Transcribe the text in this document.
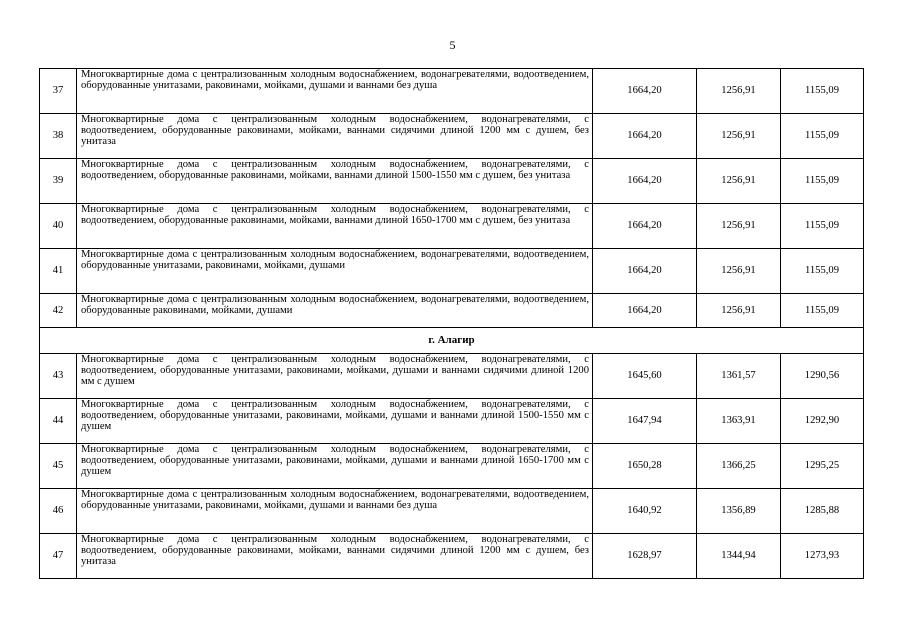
5
37	Многоквартирные дома с централизованным холодным водоснабжением, водонагревателями, водоотведением, оборудованные унитазами, раковинами, мойками, душами и ваннами без душа	1664,20	1256,91	1155,09
38	Многоквартирные дома с централизованным холодным водоснабжением, водонагревателями, с водоотведением, оборудованные раковинами, мойками, ваннами сидячими длиной 1200 мм с душем, без унитаза	1664,20	1256,91	1155,09
39	Многоквартирные дома с централизованным холодным водоснабжением, водонагревателями, с водоотведением, оборудованные раковинами, мойками, ваннами длиной 1500-1550 мм с душем, без унитаза	1664,20	1256,91	1155,09
40	Многоквартирные дома с централизованным холодным водоснабжением, водонагревателями, с водоотведением, оборудованные раковинами, мойками, ваннами длиной 1650-1700 мм с душем, без унитаза	1664,20	1256,91	1155,09
41	Многоквартирные дома с централизованным холодным водоснабжением, водонагревателями, водоотведением, оборудованные унитазами, раковинами, мойками, душами	1664,20	1256,91	1155,09
42	Многоквартирные дома с централизованным холодным водоснабжением, водонагревателями, водоотведением, оборудованные раковинами, мойками, душами	1664,20	1256,91	1155,09
г. Алагир				
43	Многоквартирные дома с централизованным холодным водоснабжением, водонагревателями, с водоотведением, оборудованные унитазами, раковинами, мойками, душами и ваннами сидячими длиной 1200 мм с душем	1645,60	1361,57	1290,56
44	Многоквартирные дома с централизованным холодным водоснабжением, водонагревателями, с водоотведением, оборудованные унитазами, раковинами, мойками, душами и ваннами длиной 1500-1550 мм с душем	1647,94	1363,91	1292,90
45	Многоквартирные дома с централизованным холодным водоснабжением, водонагревателями, с водоотведением, оборудованные унитазами, раковинами, мойками, душами и ваннами длиной 1650-1700 мм с душем	1650,28	1366,25	1295,25
46	Многоквартирные дома с централизованным холодным водоснабжением, водонагревателями, водоотведением, оборудованные унитазами, раковинами, мойками, душами и ваннами без душа	1640,92	1356,89	1285,88
47	Многоквартирные дома с централизованным холодным водоснабжением, водонагревателями, с водоотведением, оборудованные раковинами, мойками, ваннами сидячими длиной 1200 мм с душем, без унитаза	1628,97	1344,94	1273,93
